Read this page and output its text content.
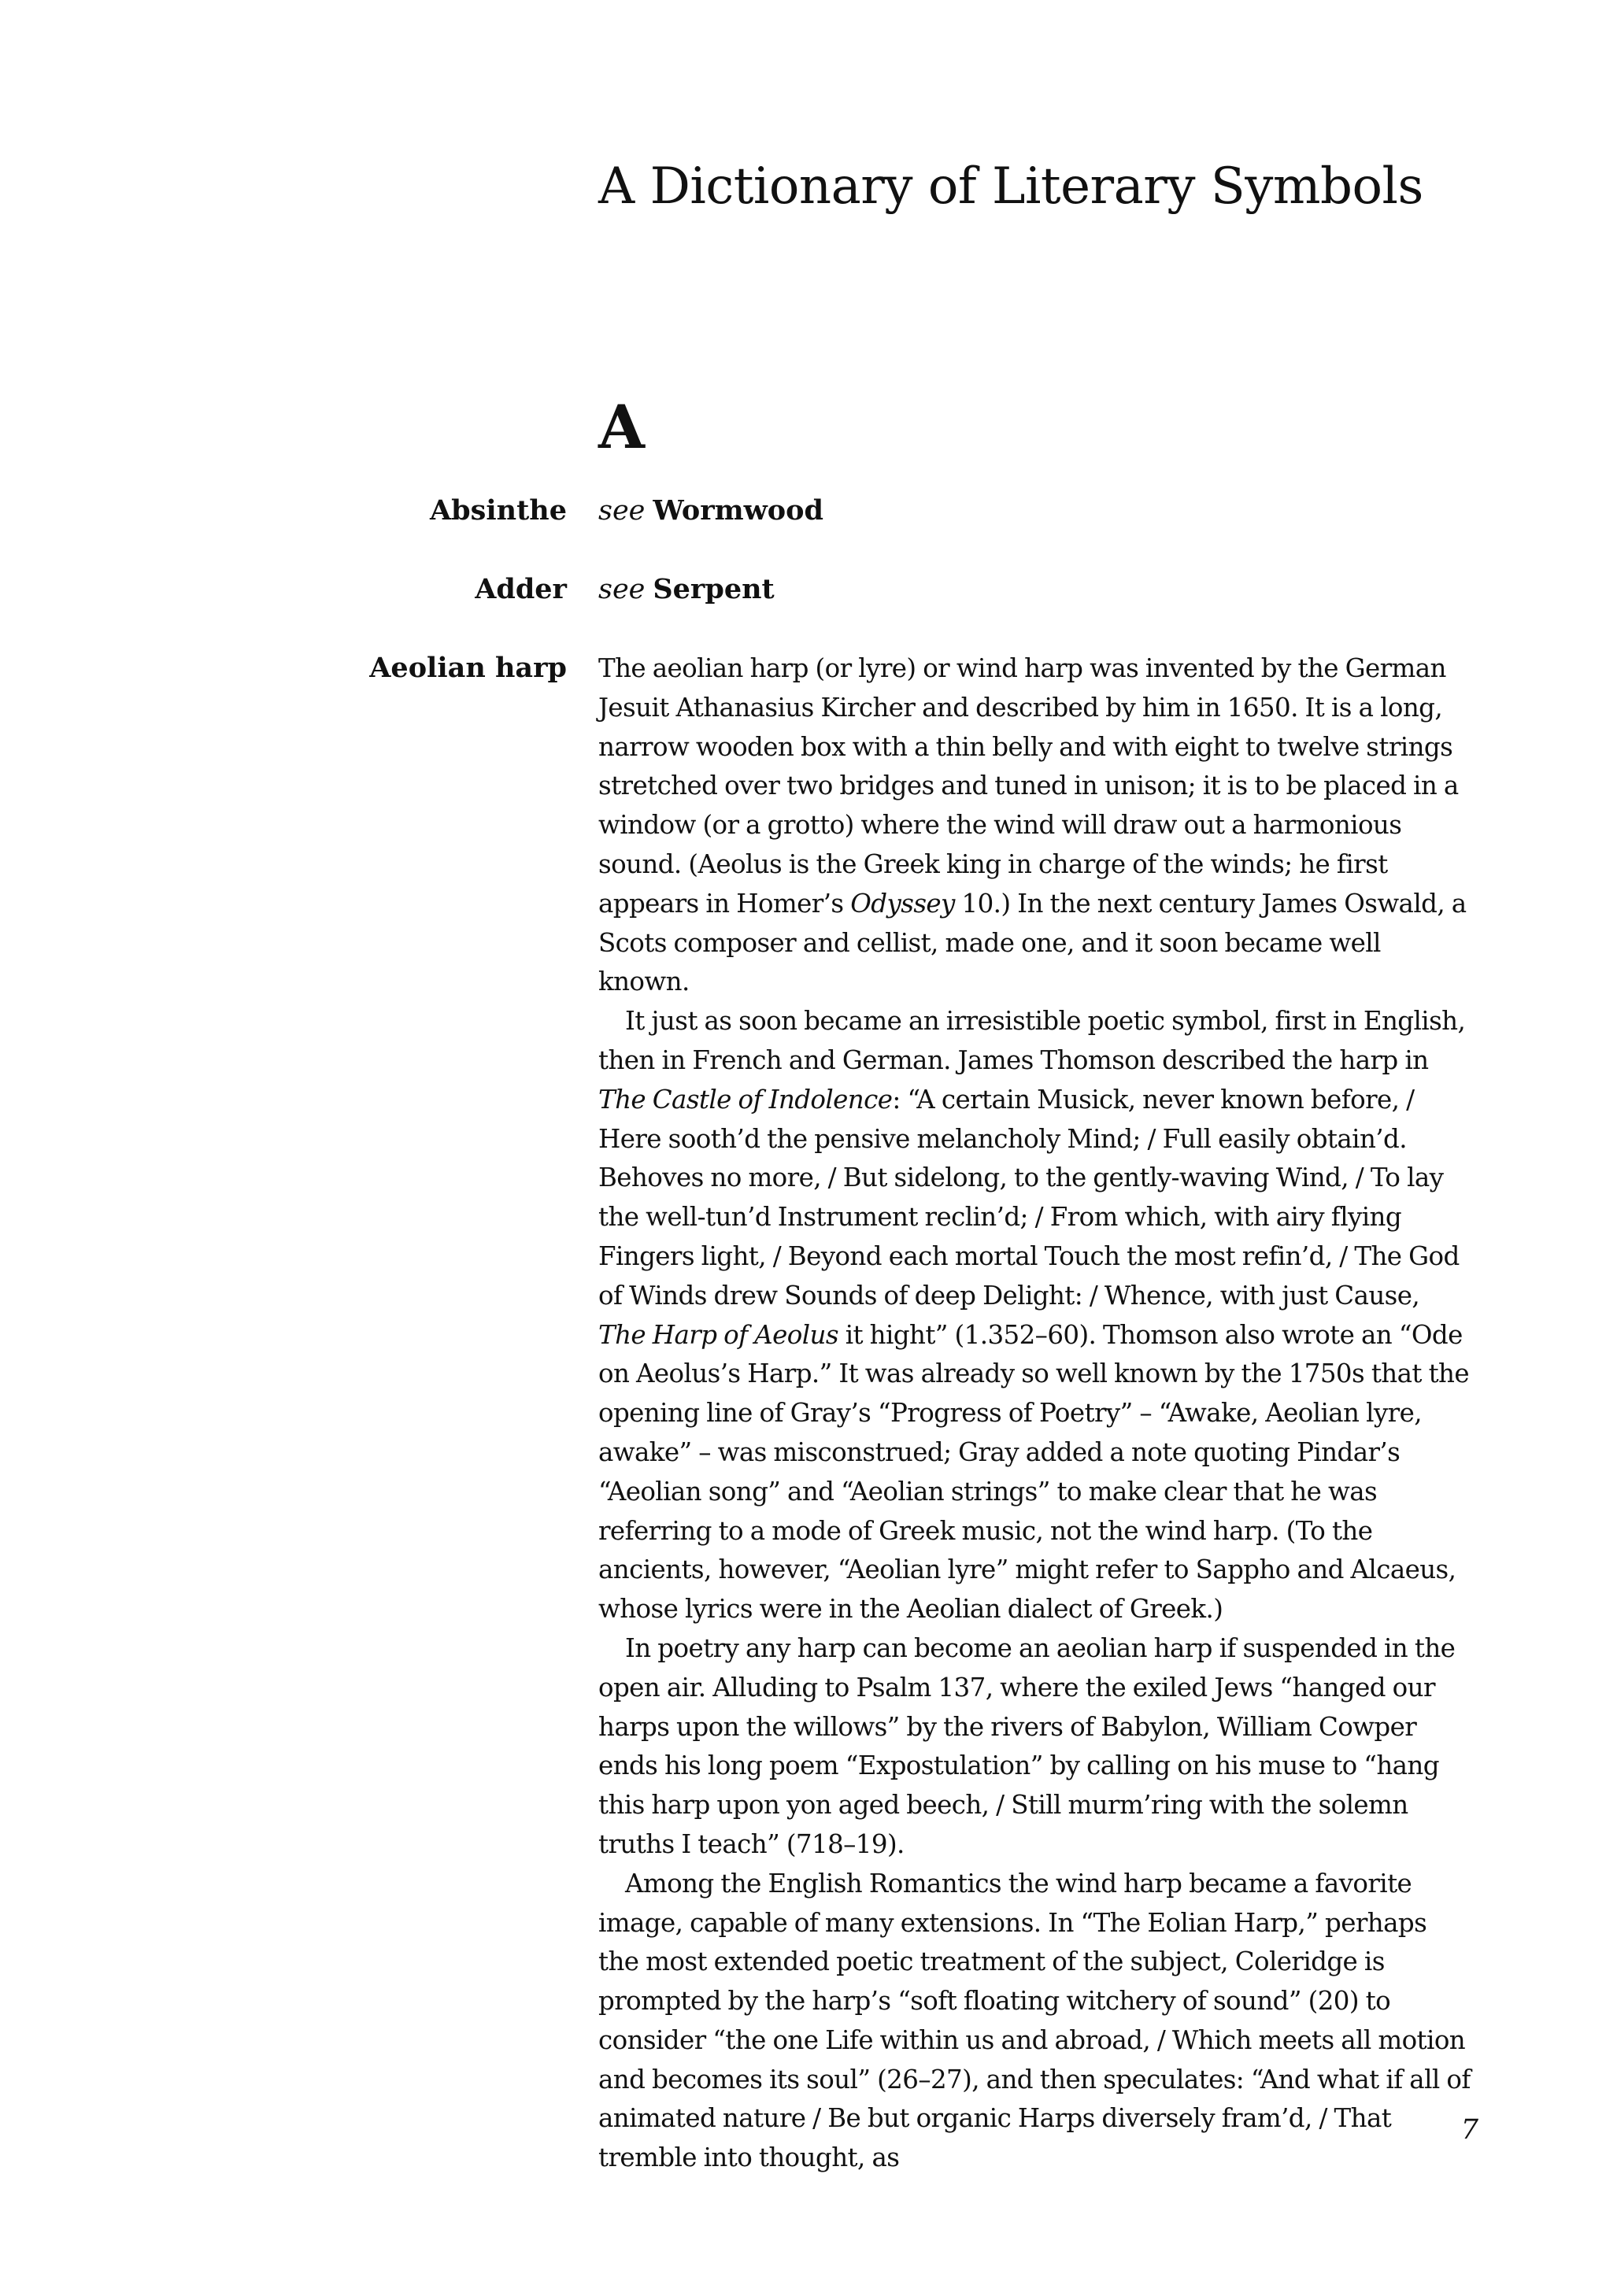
A Dictionary of Literary Symbols
A
Absinthe see Wormwood
Adder see Serpent
Aeolian harp The aeolian harp (or lyre) or wind harp was invented by the German Jesuit Athanasius Kircher and described by him in 1650. It is a long, narrow wooden box with a thin belly and with eight to twelve strings stretched over two bridges and tuned in unison; it is to be placed in a window (or a grotto) where the wind will draw out a harmonious sound. (Aeolus is the Greek king in charge of the winds; he first appears in Homer’s Odyssey 10.) In the next century James Oswald, a Scots composer and cellist, made one, and it soon became well known.

It just as soon became an irresistible poetic symbol, first in English, then in French and German. James Thomson described the harp in The Castle of Indolence: “A certain Musick, never known before, / Here sooth’d the pensive melancholy Mind; / Full easily obtain’d. Behoves no more, / But sidelong, to the gently-waving Wind, / To lay the well-tun’d Instrument reclin’d; / From which, with airy flying Fingers light, / Beyond each mortal Touch the most refin’d, / The God of Winds drew Sounds of deep Delight: / Whence, with just Cause, The Harp of Aeolus it hight” (1.352–60). Thomson also wrote an “Ode on Aeolus’s Harp.” It was already so well known by the 1750s that the opening line of Gray’s “Progress of Poetry” – “Awake, Aeolian lyre, awake” – was misconstrued; Gray added a note quoting Pindar’s “Aeolian song” and “Aeolian strings” to make clear that he was referring to a mode of Greek music, not the wind harp. (To the ancients, however, “Aeolian lyre” might refer to Sappho and Alcaeus, whose lyrics were in the Aeolian dialect of Greek.)

In poetry any harp can become an aeolian harp if suspended in the open air. Alluding to Psalm 137, where the exiled Jews “hanged our harps upon the willows” by the rivers of Babylon, William Cowper ends his long poem “Expostulation” by calling on his muse to “hang this harp upon yon aged beech, / Still murm’ring with the solemn truths I teach” (718–19).

Among the English Romantics the wind harp became a favorite image, capable of many extensions. In “The Eolian Harp,” perhaps the most extended poetic treatment of the subject, Coleridge is prompted by the harp’s “soft floating witchery of sound” (20) to consider “the one Life within us and abroad, / Which meets all motion and becomes its soul” (26–27), and then speculates: “And what if all of animated nature / Be but organic Harps diversely fram’d, / That tremble into thought, as

7
